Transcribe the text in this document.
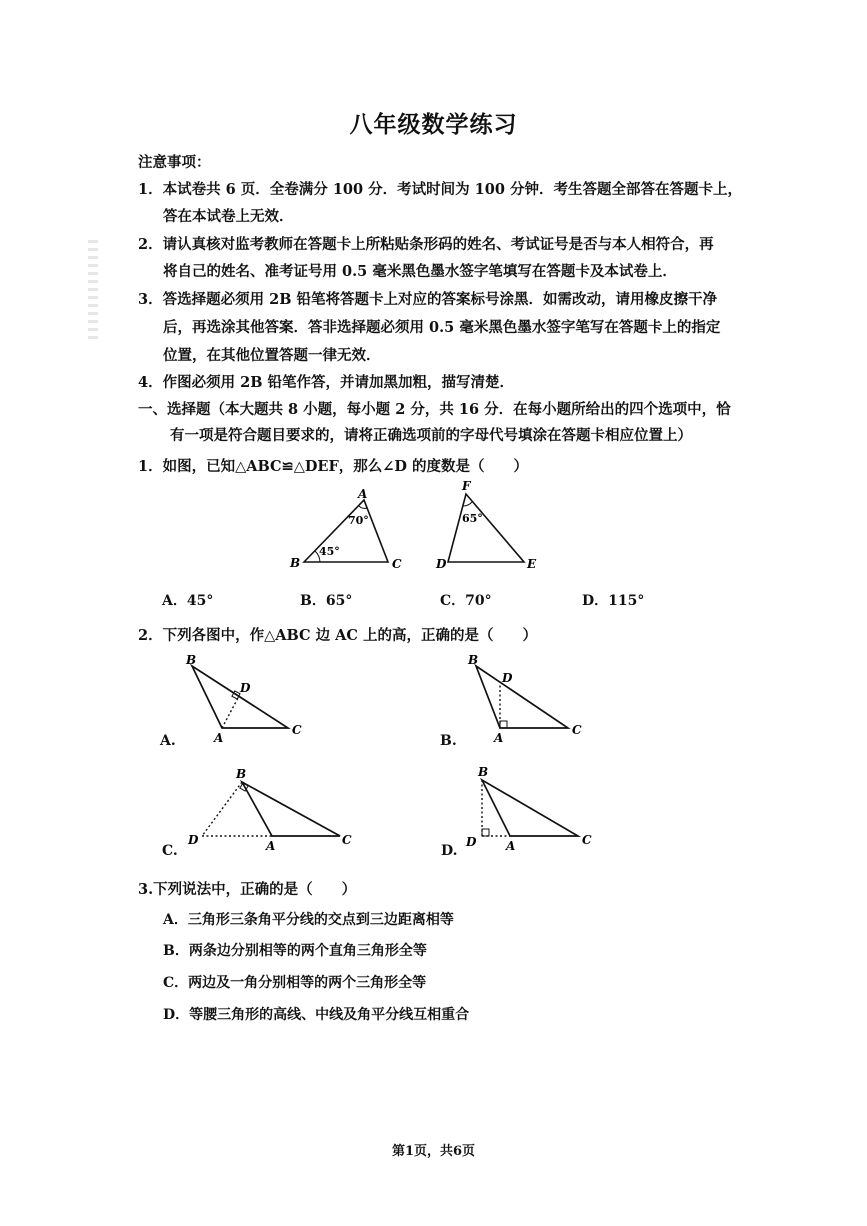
八年级数学练习
注意事项：
1．本试卷共 6 页．全卷满分 100 分．考试时间为 100 分钟．考生答题全部答在答题卡上，
答在本试卷上无效．
2．请认真核对监考教师在答题卡上所粘贴条形码的姓名、考试证号是否与本人相符合，再
将自己的姓名、准考证号用 0.5 毫米黑色墨水签字笔填写在答题卡及本试卷上．
3．答选择题必须用 2B 铅笔将答题卡上对应的答案标号涂黑．如需改动，请用橡皮擦干净
后，再选涂其他答案．答非选择题必须用 0.5 毫米黑色墨水签字笔写在答题卡上的指定
位置，在其他位置答题一律无效．
4．作图必须用 2B 铅笔作答，并请加黑加粗，描写清楚．
一、选择题（本大题共 8 小题，每小题 2 分，共 16 分．在每小题所给出的四个选项中，恰
有一项是符合题目要求的，请将正确选项前的字母代号填涂在答题卡相应位置上）
1．如图，已知△ABC≌△DEF，那么∠D 的度数是（　　）
A
B	C
70°
45°
F
D	E
65°
A．45°	B．65°	C．70°	D．115°
2．下列各图中，作△ABC 边 AC 上的高，正确的是（　　）
A.
B
D
A
C
B.
B
D
A
C
C.
B
D	A	C
D.
B
D A	C
3.下列说法中，正确的是（　　）
A．三角形三条角平分线的交点到三边距离相等
B．两条边分别相等的两个直角三角形全等
C．两边及一角分别相等的两个三角形全等
D．等腰三角形的高线、中线及角平分线互相重合
第1页，共6页
